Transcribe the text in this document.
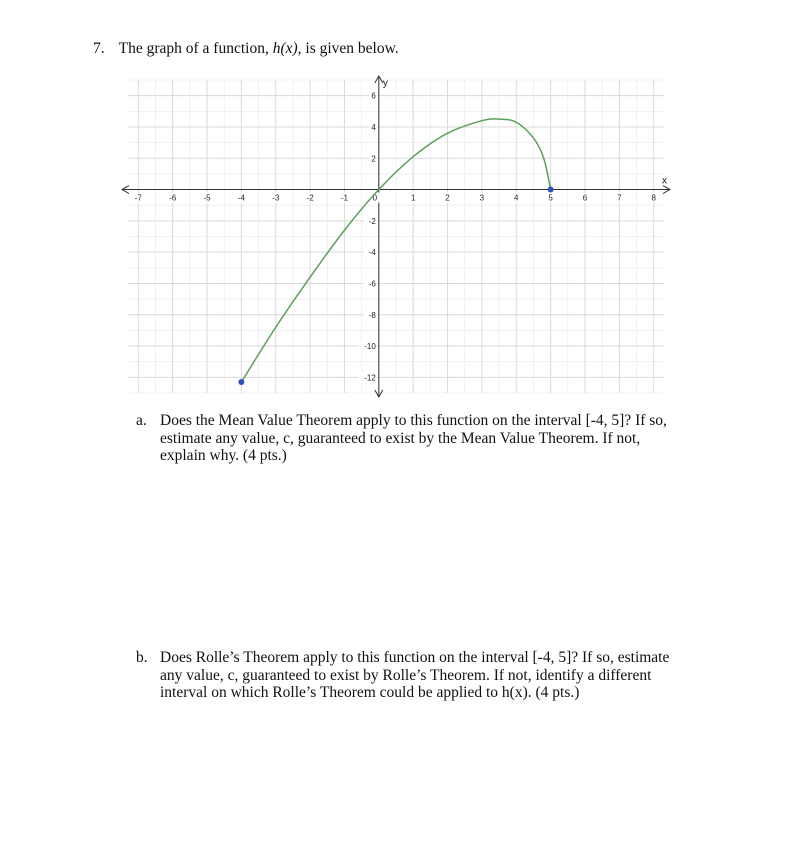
7. The graph of a function, h(x), is given below.
x
y
-7	-6	-5	-4	-3	-2	-1	0	1	2	3	4	5	6	7	8
6
4
2
-2
-4
-6
-8
-10
-12
a. Does the Mean Value Theorem apply to this function on the interval [-4, 5]? If so,
estimate any value, c, guaranteed to exist by the Mean Value Theorem. If not,
explain why. (4 pts.)
b. Does Rolle’s Theorem apply to this function on the interval [-4, 5]? If so, estimate
any value, c, guaranteed to exist by Rolle’s Theorem. If not, identify a different
interval on which Rolle’s Theorem could be applied to h(x). (4 pts.)
